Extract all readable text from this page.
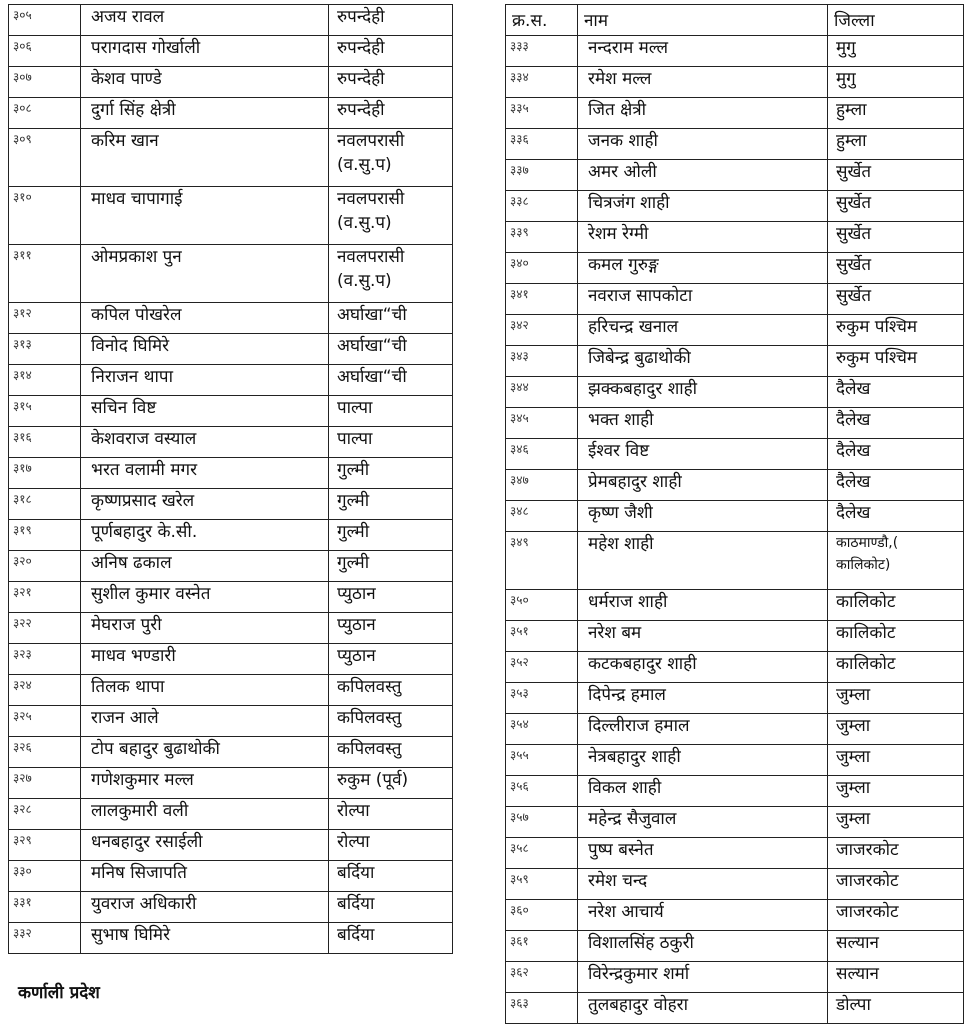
३०५	अजय रावल	रुपन्देही

३०६	परागदास गोर्खाली	रुपन्देही

३०७	केशव पाण्डे	रुपन्देही

३०८	दुर्गा सिंह क्षेत्री	रुपन्देही

३०९	करिम खान	नवलपरासी
(व.सु.प)

३१०	माधव चापागाई	नवलपरासी
(व.सु.प)

३११	ओमप्रकाश पुन	नवलपरासी
(व.सु.प)

३१२	कपिल पोखरेल	अर्घाखा“ची

३१३	विनोद घिमिरे	अर्घाखा“ची

३१४	निराजन थापा	अर्घाखा“ची

३१५	सचिन विष्ट	पाल्पा

३१६	केशवराज वस्याल	पाल्पा

३१७	भरत वलामी मगर	गुल्मी

३१८	कृष्णप्रसाद खरेल	गुल्मी

३१९	पूर्णबहादुर के.सी.	गुल्मी

३२०	अनिष ढकाल	गुल्मी

३२१	सुशील कुमार वस्नेत	प्युठान

३२२	मेघराज पुरी	प्युठान

३२३	माधव भण्डारी	प्युठान

३२४	तिलक थापा	कपिलवस्तु

३२५	राजन आले	कपिलवस्तु

३२६	टोप बहादुर बुढाथोकी	कपिलवस्तु

३२७	गणेशकुमार मल्ल	रुकुम (पूर्व)

३२८	लालकुमारी वली	रोल्पा

३२९	धनबहादुर रसाईली	रोल्पा

३३०	मनिष सिजापति	बर्दिया

३३१	युवराज अधिकारी	बर्दिया

३३२	सुभाष घिमिरे	बर्दिया
कर्णाली प्रदेश
क्र.स.	नाम	जिल्ला
३३३	नन्दराम मल्ल	मुगु

३३४	रमेश मल्ल	मुगु

३३५	जित क्षेत्री	हुम्ला

३३६	जनक शाही	हुम्ला

३३७	अमर ओली	सुर्खेत

३३८	चित्रजंग शाही	सुर्खेत

३३९	रेशम रेग्मी	सुर्खेत

३४०	कमल गुरुङ्ग	सुर्खेत

३४१	नवराज सापकोटा	सुर्खेत

३४२	हरिचन्द्र खनाल	रुकुम पश्चिम

३४३	जिबेन्द्र बुढाथोकी	रुकुम पश्चिम

३४४	झक्कबहादुर शाही	दैलेख

३४५	भक्त शाही	दैलेख

३४६	ईश्वर विष्ट	दैलेख

३४७	प्रेमबहादुर शाही	दैलेख

३४८	कृष्ण जैशी	दैलेख

३४९	महेश शाही	काठमाण्डौ,(
कालिकोट)

३५०	धर्मराज शाही	कालिकोट

३५१	नरेश बम	कालिकोट

३५२	कटकबहादुर शाही	कालिकोट

३५३	दिपेन्द्र हमाल	जुम्ला

३५४	दिल्लीराज हमाल	जुम्ला

३५५	नेत्रबहादुर शाही	जुम्ला

३५६	विकल शाही	जुम्ला

३५७	महेन्द्र सैजुवाल	जुम्ला

३५८	पुष्प बस्नेत	जाजरकोट

३५९	रमेश चन्द	जाजरकोट

३६०	नरेश आचार्य	जाजरकोट

३६१	विशालसिंह ठकुरी	सल्यान

३६२	विरेन्द्रकुमार शर्मा	सल्यान

३६३	तुलबहादुर वोहरा	डोल्पा
